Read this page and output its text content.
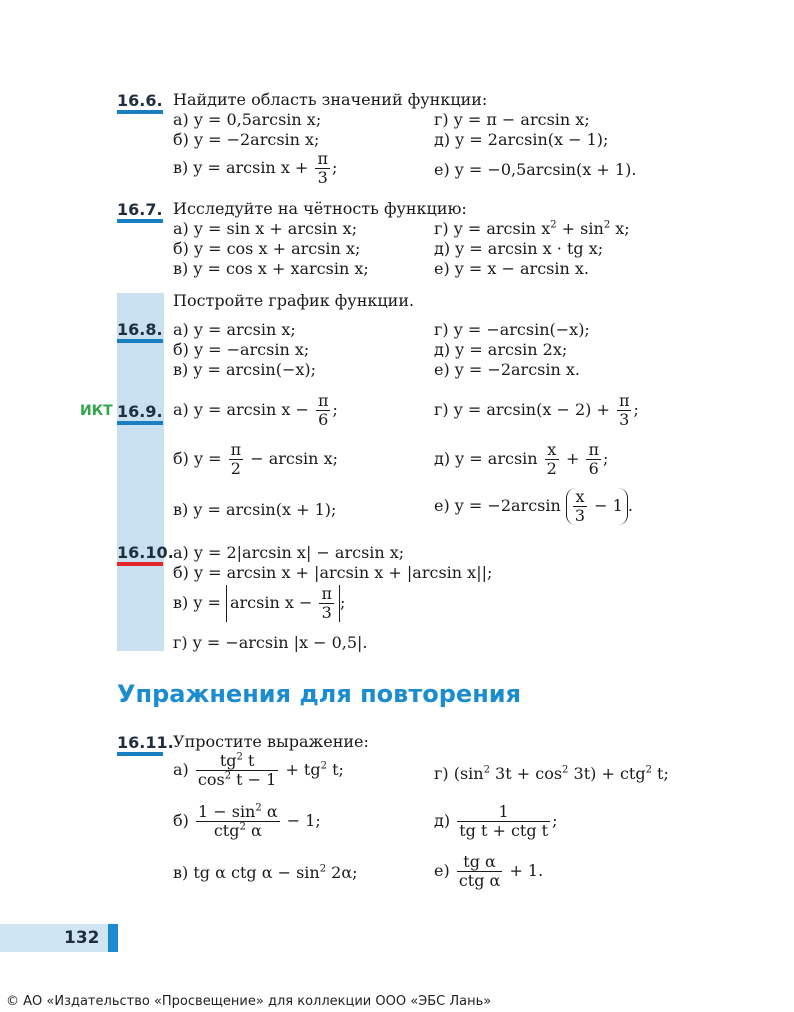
16.6. Найдите область значений функции:
а) y = 0,5arcsin x;	г) y = π − arcsin x;
б) y = −2arcsin x;	д) y = 2arcsin(x − 1);
в) $y = \arcsin x + \frac{\pi}{3}$ ;	е) y = −0,5arcsin(x + 1).
16.7. Исследуйте на чётность функцию:
а) y = sin x + arcsin x;	г) $y = \arcsin x^2 + \sin^2 x$;
б) y = cos x + arcsin x;	д) y = arcsin x · tg x;
в) y = cos x + xarcsin x;	е) y = x − arcsin x.
Постройте график функции.
16.8. а) y = arcsin x;	г) y = −arcsin(−x);
б) y = −arcsin x;	д) y = arcsin 2x;
в) y = arcsin(−x);	е) y = −2arcsin x.
ИКТ 16.9. а) $y = \arcsin x - \frac{\pi}{6}$ ;	г) $y = \arcsin(x - 2) + \frac{\pi}{3}$ ;
б) $y = \frac{\pi}{2} - \arcsin x$;	д) $y = \arcsin \frac{x}{2} + \frac{\pi}{6}$ ;
в) y = arcsin(x + 1);	е) $y = -2\arcsin \frac{x}{3} - 1$ .
16.10. а) y = 2|arcsin x| − arcsin x;
б) y = arcsin x + |arcsin x + |arcsin x||;
в) $y = \arcsin x - \frac{\pi}{3}$ ;
г) y = −arcsin |x − 0,5|.
Упражнения для повторения
16.11. Упростите выражение:
$а) \frac{tg^2 t}{\cos^2 t - 1} + tg^2$ t;	г) ($\sin^2$ $3t + \cos^2 3t) + ctg^2$ t;
$б) \frac{1 - \sin^2 \alpha}{ctg^2 \alpha} - 1$;	$д) \frac{1}{\text{tg t + ctg t}}$ ;
в) tg α ctg $\alpha - \sin^2 2\alpha$;	$е) \frac{\text{tg α}}{\text{ctg α}} + 1$.
132
© АО «Издательство «Просвещение» для коллекции ООО «ЭБС Лань»
